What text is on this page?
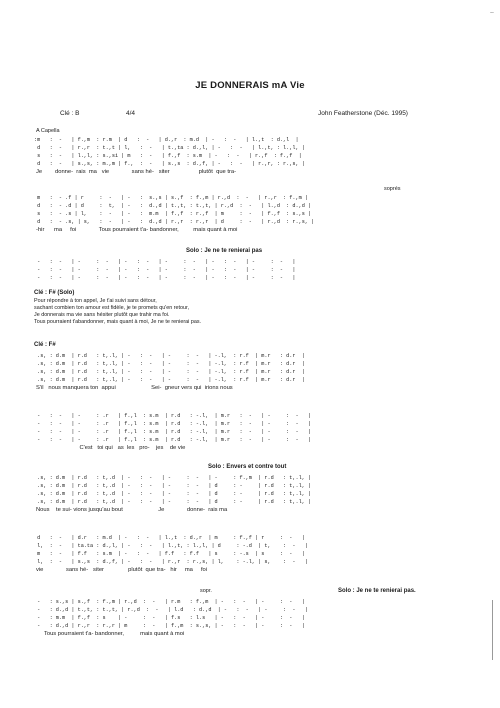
~
JE DONNERAIS mA Vie
Clé : B	4/4	John Featherstone (Déc. 1995)
A Capella
:m   :  -   | f.,m  : r.m  | d   :  -   | d.,r  : m.d  | -   :  -   | l.,t  : d.,l  |
d   :  -   | r.,r  : t.,t | l,   :  -   | t.,ta : d.,l, | -   :  -   | l.,t, : l.,l, |
s   :  -   | l.,l, : s.,si | m   :  -   | f.,f  : s.m  | -   :  -   | r.,f  : f.,f  |
d   :  -   | s.,s, : m.,m | f.,  :  -   | s.,s  : d.,f, | -   :  -   | r.,r, : r.,s, |
Je        donne-  rais  ma   vie              sans hé-   siter                  plutôt  que tra-
soprés
m   :  - .f | r     :  -   | -   :  s.,s | s.,f  : f.,m | r.,d  :  -   | r.,r  : f.,m |
d   :  - .d | d     :  t,  | -   :  d.,d | t.,t, : t.,t, | r.,d  :  -   | l.,d  : d.,d |
s   :  - .s | l,    :  -   | -   :  m.m  | f.,f  : r.,f  | m     :  -   | f.,f  : s.,s |
d   :  - .s, | s,   :  -   | -   :  d.,d | r.,r  : r.,r  | d     :  -   | r.,d  : r.,s, |
-hir      ma     foi              Tous pourraient t'a- bandonner,         mais quant à moi
Solo : Je ne te renierai pas
-   :  -   | -     :  -   | -   :  -   | -     :  -   | -   :  -   | -     :  -   |
-   :  -   | -     :  -   | -   :  -   | -     :  -   | -   :  -   | -     :  -   |
-   :  -   | -     :  -   | -   :  -   | -     :  -   | -   :  -   | -     :  -   |
Clé : F# (Solo)
Pour répondre à ton appel, Je t'ai suivi sans détour,
sachant combien ton amour est fidèle, je te promets qu'en retour,
Je donnerais ma vie sans hésiter plutôt que trahir ma foi.
Tous pourraient t'abandonner, mais quant à moi, Je ne te renierai pas.
Clé : F#
.s, : d.m  | r.d   : t,.l, | -   :  -   | -     :  -   | -.l,  : r.f  | m.r   : d.r  |
.s, : d.m  | r.d   : t,.l, | -   :  -   | -     :  -   | -.l,  : r.f  | m.r   : d.r  |
.s, : d.m  | r.d   : t,.l, | -   :  -   | -     :  -   | -.l,  : r.f  | m.r   : d.r  |
.s, : d.m  | r.d   : t,.l, | -   :  -   | -     :  -   | -.l,  : r.f  | m.r   : d.r  |
S'il   nous manquera ton  appui                      Sei-  gneur vers qui  irions nous
-   :  -   | -     : .r   | f.,l  : s.m  | r.d   : -.l,  | m.r   :  -   | -     :  -   |
-   :  -   | -     : .r   | f.,l  : s.m  | r.d   : -.l,  | m.r   :  -   | -     :  -   |
-   :  -   | -     : .r   | f.,l  : s.m  | r.d   : -.l,  | m.r   :  -   | -     :  -   |
-   :  -   | -     : .r   | f.,l  : s.m  | r.d   : -.l,  | m.r   :  -   | -     :  -   |
C'est   toi qui   as  les   pro-    jes    de vie
Solo : Envers et contre tout
.s, : d.m  | r.d   : t,.d  | -   :  -   | -     :  -   | -     : f.,m  | r.d   : t,.l, |
.s, : d.m  | r.d   : t,.d  | -   :  -   | -     :  -   | d     : -     | r.d   : t,.l, |
.s, : d.m  | r.d   : t,.d  | -   :  -   | -     :  -   | d     : -     | r.d   : t,.l, |
.s, : d.m  | r.d   : t,.d  | -   :  -   | -     :  -   | d     : -     | r.d   : t,.l, |
Nous    te sui- vions jusqu'au bout                      Je              donne-  rais ma
d   :  -   | d.r   : m.d  | -   :  -   | l.,t  : d.,r  | m     : f.,f | r     :  -   |
l,  :  -   | ta.ta : d.,l, | -   :  -   | l.,t, : l.,l, | d     : -.d  | t,    :  -   |
m   :  -   | f.f   : s.m  | -   :  -   | f.f   : f.f   | s     : -.s  | s     :  -   |
l,  :  -   | s.,s  : d.,f, | -   :  -   | r.,r  : r.,s, | l,    : -.l, | s,    :  -   |
vie              sans hé-   siter               plutôt  que tra-   hir     ma     foi
sopr.	Solo : Je ne te renierai pas.
-   : s.,s | s.,f  : f.,m | r.,d  :  -   | r.m   : f.,m  | -   :  -   | -     :  -   |
-   : d.,d | t.,t, : t.,t, | r.,d  :  -   | l.d   : d.,d  | -   :  -   | -     :  -   |
-   : m.m  | f.,f  : s    | -     :  -   | f.s   : l.s   | -   :  -   | -     :  -   |
-   : d.,d | r.,r  : r.,r | m     :  -   | f.,m  : s.,s, | -   :  -   | -     :  -   |
Tous pourraient t'a- bandonner,          mais quant à moi
